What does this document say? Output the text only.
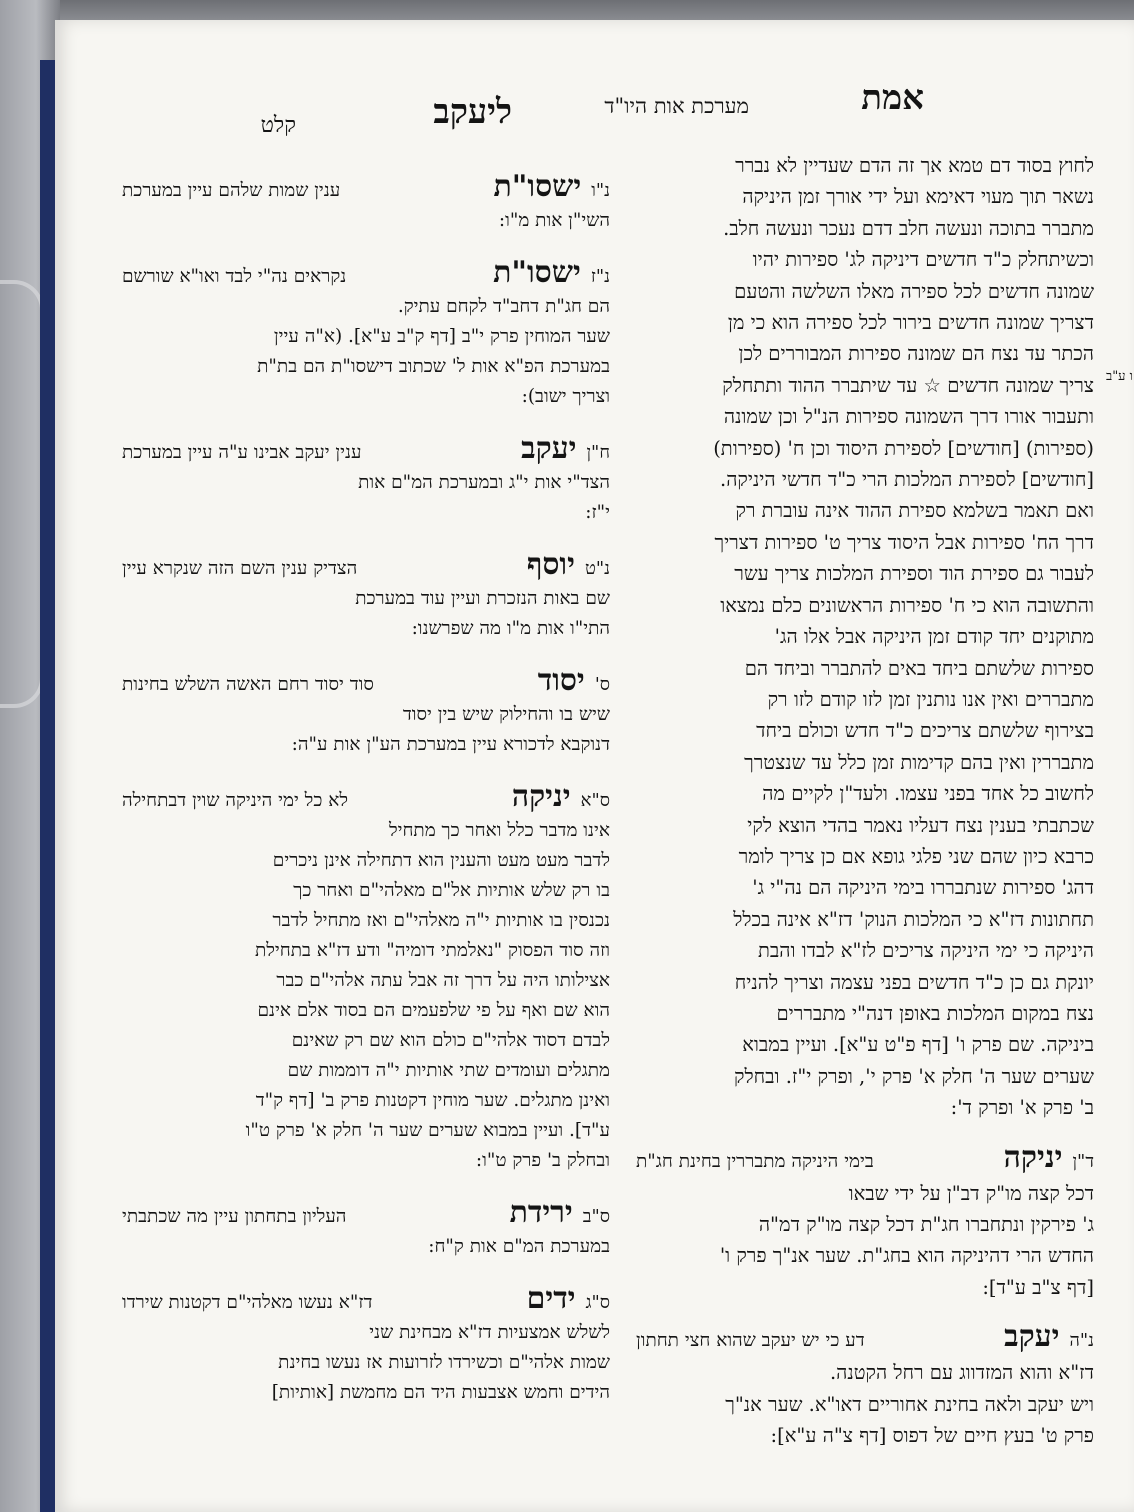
אמת
מערכת אות היו"ד
ליעקב
קלט
ו ע"ב

לחוץ בסוד דם טמא אך זה הדם שעדיין לא נברר

נשאר תוך מעוי דאימא ועל ידי אורך זמן היניקה

מתברר בתוכה ונעשה חלב דדם נעכר ונעשה חלב.

וכשיתחלק כ"ד חדשים דיניקה לג' ספירות יהיו

שמונה חדשים לכל ספירה מאלו השלשה והטעם

דצריך שמונה חדשים בירור לכל ספירה הוא כי מן

הכתר עד נצח הם שמונה ספירות המבוררים לכן

צריך שמונה חדשים ☆ עד שיתברר ההוד ותתחלק

ותעבור אורו דרך השמונה ספירות הנ"ל וכן שמונה

(ספירות) [חודשים] לספירת היסוד וכן ח' (ספירות)

[חודשים] לספירת המלכות הרי כ"ד חדשי היניקה.

ואם תאמר בשלמא ספירת ההוד אינה עוברת רק

דרך הח' ספירות אבל היסוד צריך ט' ספירות דצריך

לעבור גם ספירת הוד וספירת המלכות צריך עשר

והתשובה הוא כי ח' ספירות הראשונים כלם נמצאו

מתוקנים יחד קודם זמן היניקה אבל אלו הג'

ספירות שלשתם ביחד באים להתברר וביחד הם

מתבררים ואין אנו נותנין זמן לזו קודם לזו רק

בצירוף שלשתם צריכים כ"ד חדש וכולם ביחד

מתבררין ואין בהם קדימות זמן כלל עד שנצטרך

לחשוב כל אחד בפני עצמו. ולעד"ן לקיים מה

שכתבתי בענין נצח דעליו נאמר בהדי הוצא לקי

כרבא כיון שהם שני פלגי גופא אם כן צריך לומר

דהג' ספירות שנתבררו בימי היניקה הם נה"י ג'

תחתונות דז"א כי המלכות הנוק' דז"א אינה בכלל

היניקה כי ימי היניקה צריכים לז"א לבדו והבת

יונקת גם כן כ"ד חדשים בפני עצמה וצריך להניח

נצח במקום המלכות באופן דנה"י מתבררים

ביניקה. שם פרק ו' [דף פ"ט ע"א]. ועיין במבוא

שערים שער ה' חלק א' פרק י', ופרק י"ז. ובחלק

ב' פרק א' ופרק ד':

ד"ן
יניקה
בימי היניקה מתבררין בחינת חג"ת

דכל קצה מו"ק דב"ן על ידי שבאו

ג' פירקין ונתחברו חג"ת דכל קצה מו"ק דמ"ה

החדש הרי דהיניקה הוא בחג"ת. שער אנ"ך פרק ו'

[דף צ"ב ע"ד]:

נ"ה
יעקב
דע כי יש יעקב שהוא חצי תחתון

דז"א והוא המזדווג עם רחל הקטנה.

ויש יעקב ולאה בחינת אחוריים דאו"א. שער אנ"ך

פרק ט' בעץ חיים של דפוס [דף צ"ה ע"א]:

נ"ו
ישסו"ת
ענין שמות שלהם עיין במערכת

השי"ן אות מ"ו:

נ"ז
ישסו"ת
נקראים נה"י לבד ואו"א שורשם

הם חג"ת דחב"ד לקחם עתיק.

שער המוחין פרק י"ב [דף ק"ב ע"א]. (א"ה עיין

במערכת הפ"א אות ל' שכתוב דישסו"ת הם בת"ת

וצריך ישוב):

ח"ן
יעקב
ענין יעקב אבינו ע"ה עיין במערכת

הצד"י אות י"ג ובמערכת המ"ם אות

י"ז:

נ"ט
יוסף
הצדיק ענין השם הזה שנקרא עיין

שם באות הנזכרת ועיין עוד במערכת

התי"ו אות מ"ו מה שפרשנו:

ס'
יסוד
סוד יסוד רחם האשה השלש בחינות

שיש בו והחילוק שיש בין יסוד

דנוקבא לדכורא עיין במערכת הע"ן אות ע"ה:

ס"א
יניקה
לא כל ימי היניקה שוין דבתחילה

אינו מדבר כלל ואחר כך מתחיל

לדבר מעט מעט והענין הוא דתחילה אינן ניכרים

בו רק שלש אותיות אל"ם מאלהי"ם ואחר כך

נכנסין בו אותיות י"ה מאלהי"ם ואז מתחיל לדבר

וזה סוד הפסוק "נאלמתי דומיה" ודע דז"א בתחילת

אצילותו היה על דרך זה אבל עתה אלהי"ם כבר

הוא שם ואף על פי שלפעמים הם בסוד אלם אינם

לבדם דסוד אלהי"ם כולם הוא שם רק שאינם

מתגלים ועומדים שתי אותיות י"ה דוממות שם

ואינן מתגלים. שער מוחין דקטנות פרק ב' [דף ק"ד

ע"ד]. ועיין במבוא שערים שער ה' חלק א' פרק ט"ו

ובחלק ב' פרק ט"ו:

ס"ב
ירידת
העליון בתחתון עיין מה שכתבתי

במערכת המ"ם אות ק"ח:

ס"ג
ידים
דז"א נעשו מאלהי"ם דקטנות שירדו

לשלש אמצעיות דז"א מבחינת שני

שמות אלהי"ם וכשירדו לזרועות אז נעשו בחינת

הידים וחמש אצבעות היד הם מחמשת [אותיות]
